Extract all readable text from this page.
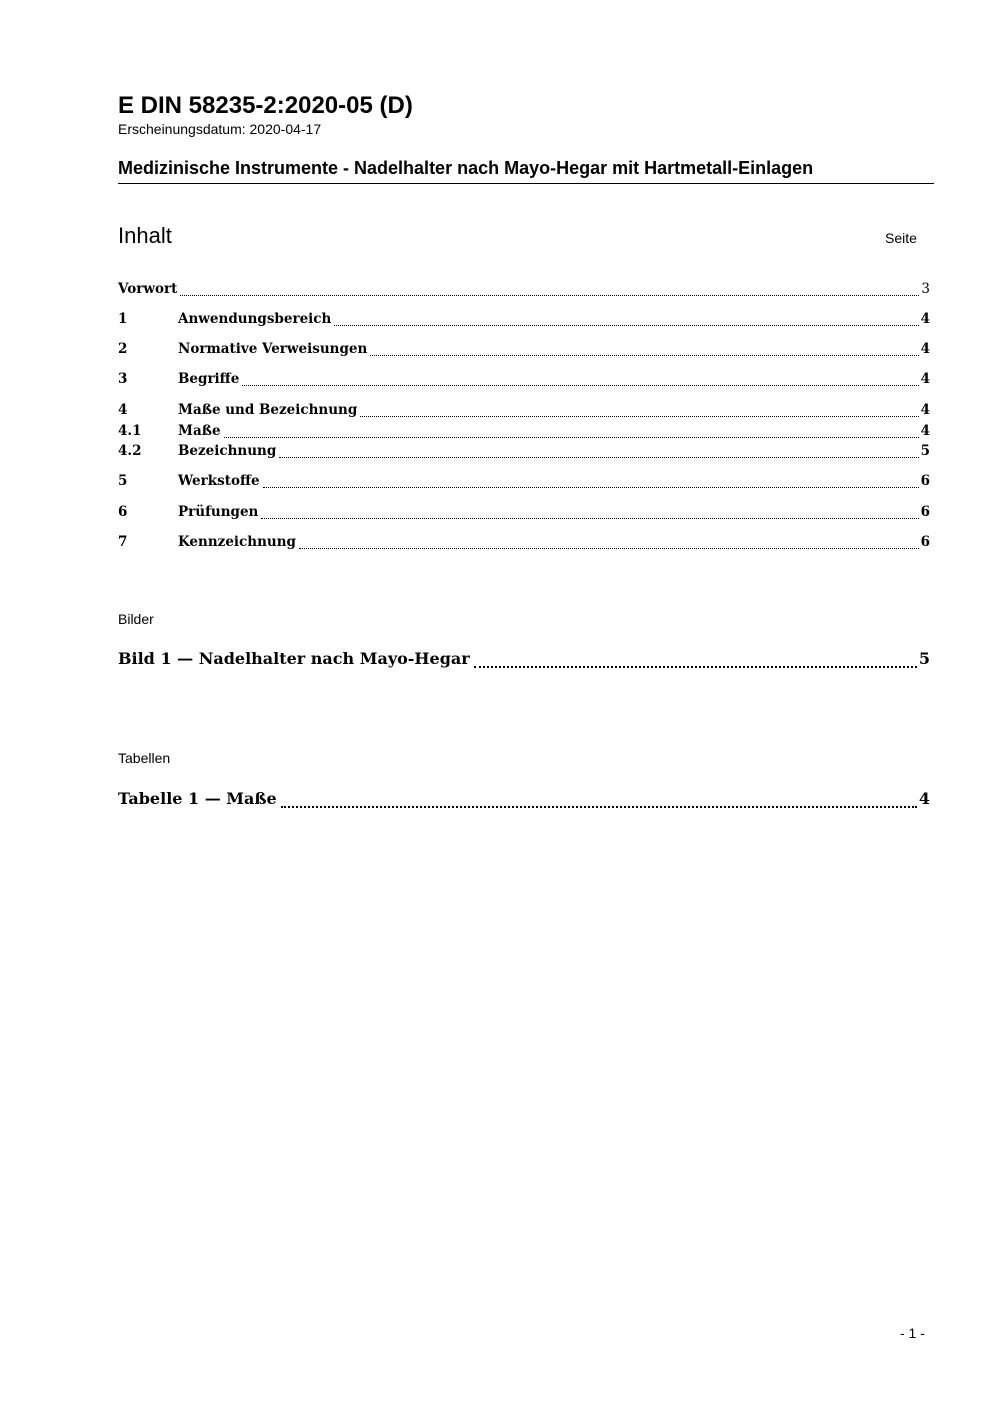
E DIN 58235-2:2020-05 (D)
Erscheinungsdatum: 2020-04-17
Medizinische Instrumente - Nadelhalter nach Mayo-Hegar mit Hartmetall-Einlagen
Inhalt	Seite
Vorwort	3
1	Anwendungsbereich	4
2	Normative Verweisungen	4
3	Begriffe	4
4	Maße und Bezeichnung	4
4.1	Maße	4
4.2	Bezeichnung	5
5	Werkstoffe	6
6	Prüfungen	6
7	Kennzeichnung	6
Bilder
Bild 1 — Nadelhalter nach Mayo-Hegar	5
Tabellen
Tabelle 1 — Maße	4
- 1 -
